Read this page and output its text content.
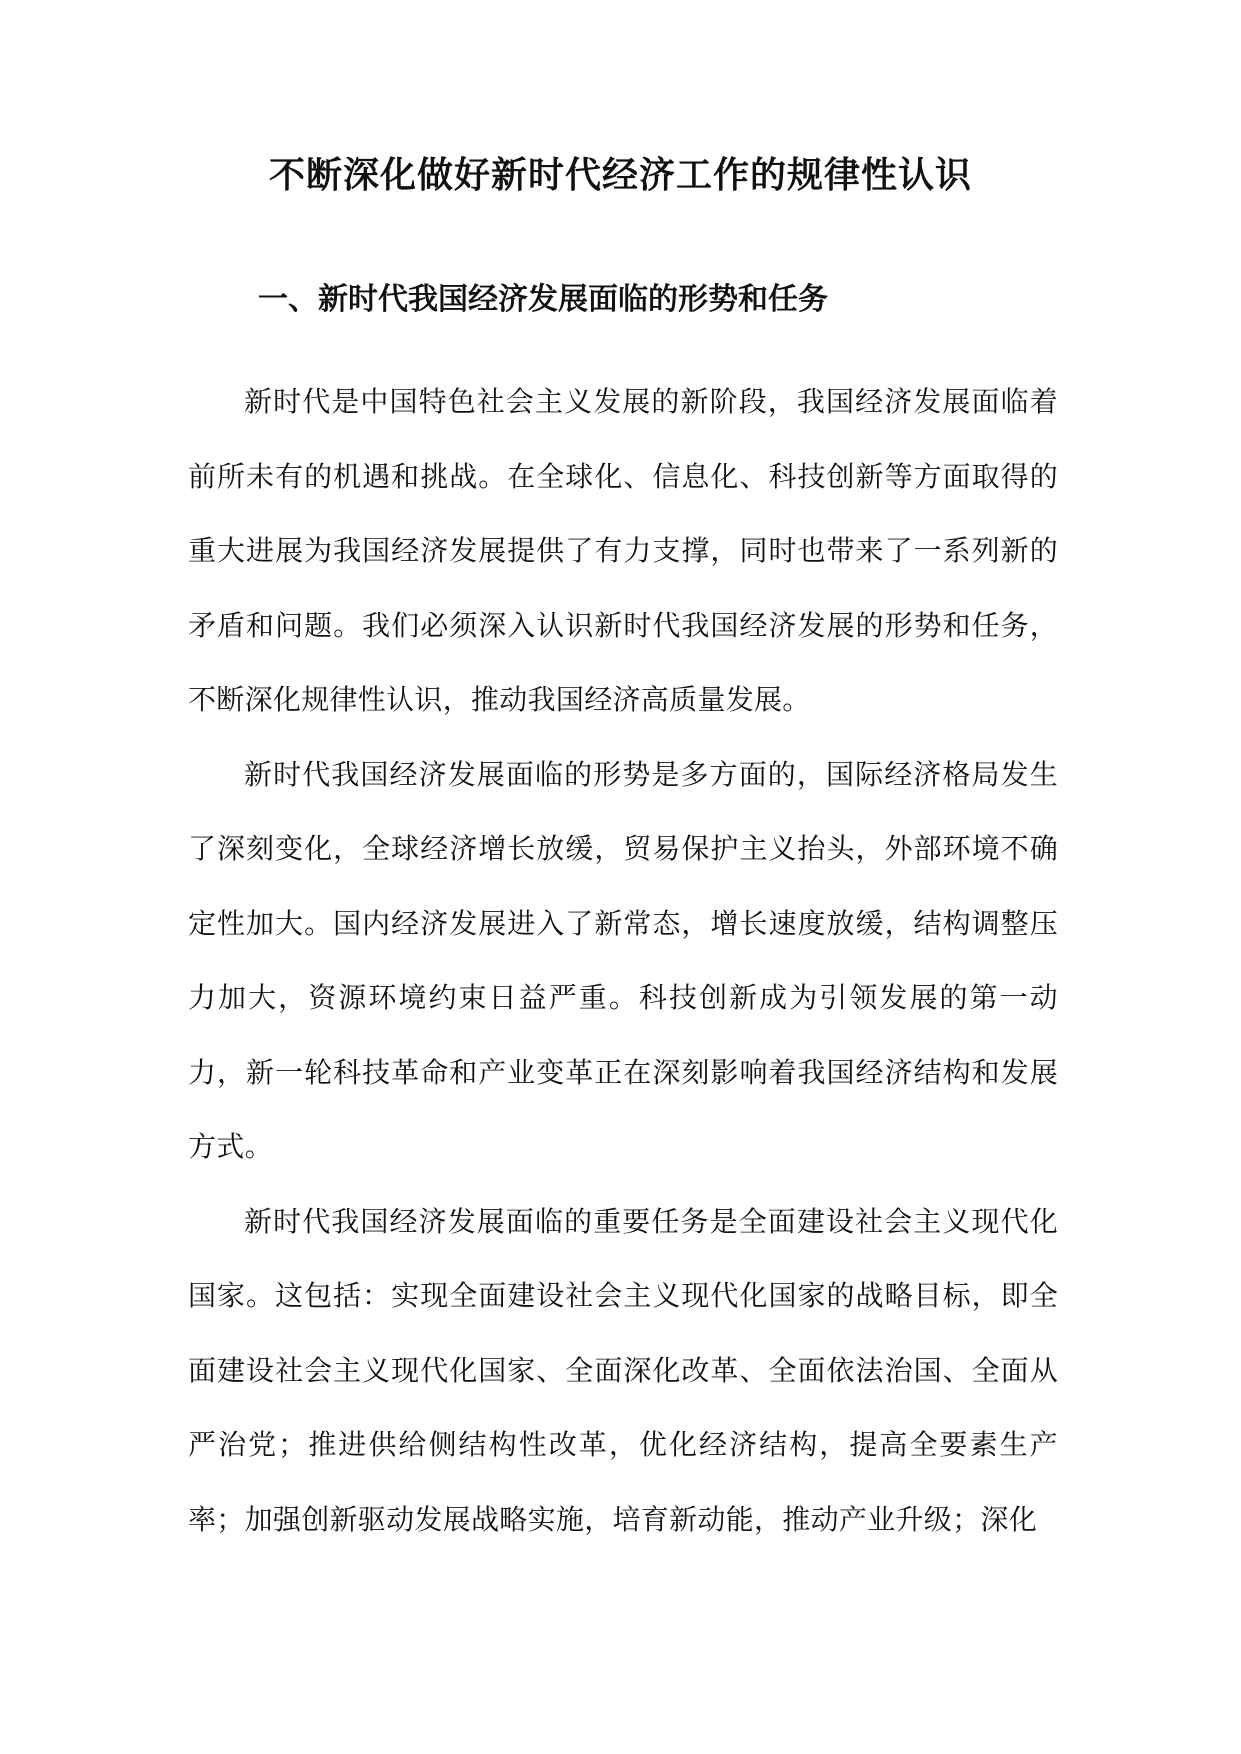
不断深化做好新时代经济工作的规律性认识
一、新时代我国经济发展面临的形势和任务

新时代是中国特色社会主义发展的新阶段，我国经济发展面临着前所未有的机遇和挑战。在全球化、信息化、科技创新等方面取得的重大进展为我国经济发展提供了有力支撑，同时也带来了一系列新的矛盾和问题。我们必须深入认识新时代我国经济发展的形势和任务，不断深化规律性认识，推动我国经济高质量发展。

新时代我国经济发展面临的形势是多方面的，国际经济格局发生了深刻变化，全球经济增长放缓，贸易保护主义抬头，外部环境不确定性加大。国内经济发展进入了新常态，增长速度放缓，结构调整压力加大，资源环境约束日益严重。科技创新成为引领发展的第一动力，新一轮科技革命和产业变革正在深刻影响着我国经济结构和发展方式。

新时代我国经济发展面临的重要任务是全面建设社会主义现代化国家。这包括：实现全面建设社会主义现代化国家的战略目标，即全面建设社会主义现代化国家、全面深化改革、全面依法治国、全面从严治党；推进供给侧结构性改革，优化经济结构，提高全要素生产率；加强创新驱动发展战略实施，培育新动能，推动产业升级；深化
